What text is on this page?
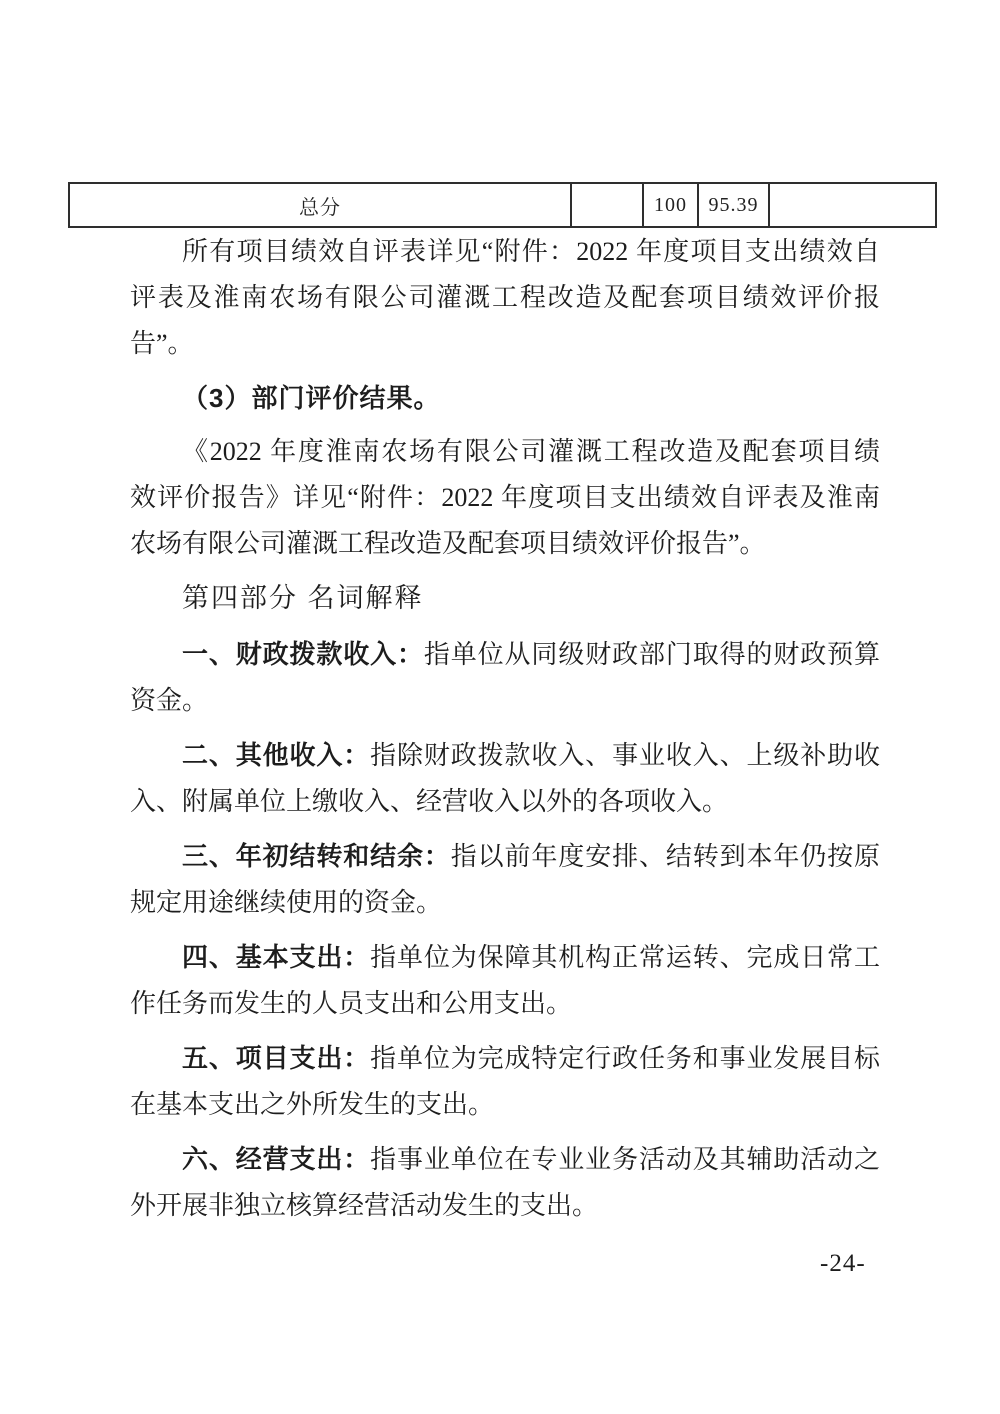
总分		100	95.39	
所有项目绩效自评表详见“附件：2022 年度项目支出绩效自
评表及淮南农场有限公司灌溉工程改造及配套项目绩效评价报
告”。
（3）部门评价结果。
《2022 年度淮南农场有限公司灌溉工程改造及配套项目绩
效评价报告》详见“附件：2022 年度项目支出绩效自评表及淮南
农场有限公司灌溉工程改造及配套项目绩效评价报告”。
第四部分 名词解释
一、财政拨款收入：指单位从同级财政部门取得的财政预算
资金。
二、其他收入：指除财政拨款收入、事业收入、上级补助收
入、附属单位上缴收入、经营收入以外的各项收入。
三、年初结转和结余：指以前年度安排、结转到本年仍按原
规定用途继续使用的资金。
四、基本支出：指单位为保障其机构正常运转、完成日常工
作任务而发生的人员支出和公用支出。
五、项目支出：指单位为完成特定行政任务和事业发展目标
在基本支出之外所发生的支出。
六、经营支出：指事业单位在专业业务活动及其辅助活动之
外开展非独立核算经营活动发生的支出。
-24-
